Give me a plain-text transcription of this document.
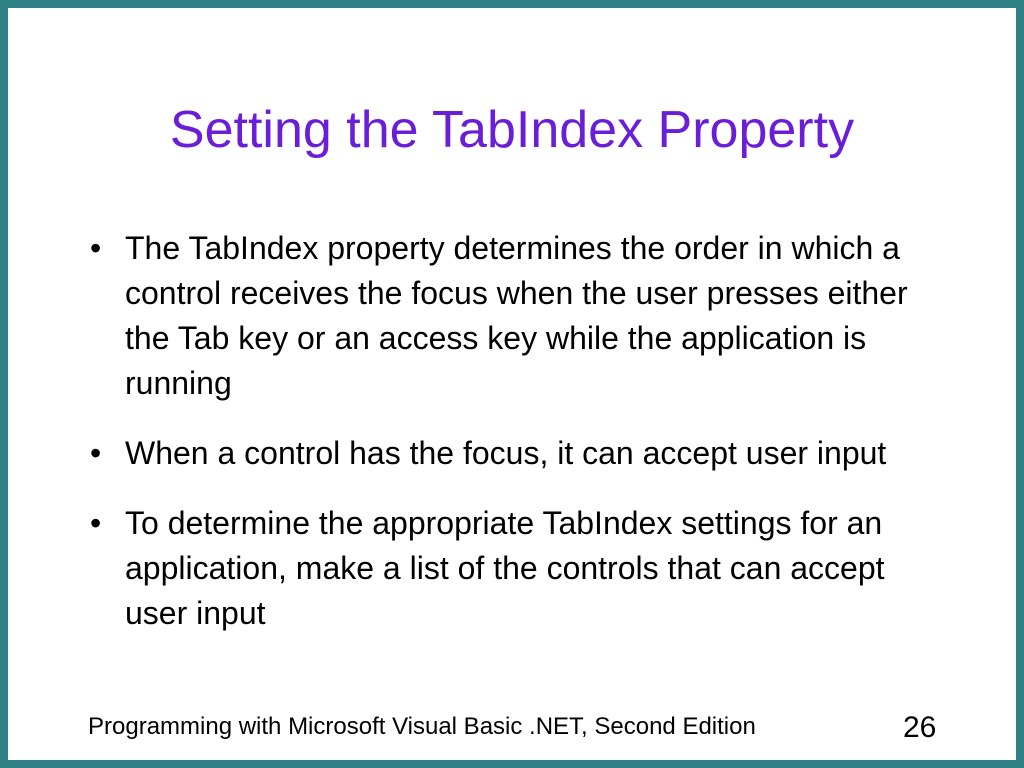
Setting the TabIndex Property
• The TabIndex property determines the order in which a control receives the focus when the user presses either the Tab key or an access key while the application is running
• When a control has the focus, it can accept user input
• To determine the appropriate TabIndex settings for an application, make a list of the controls that can accept user input
Programming with Microsoft Visual Basic .NET, Second Edition	26
